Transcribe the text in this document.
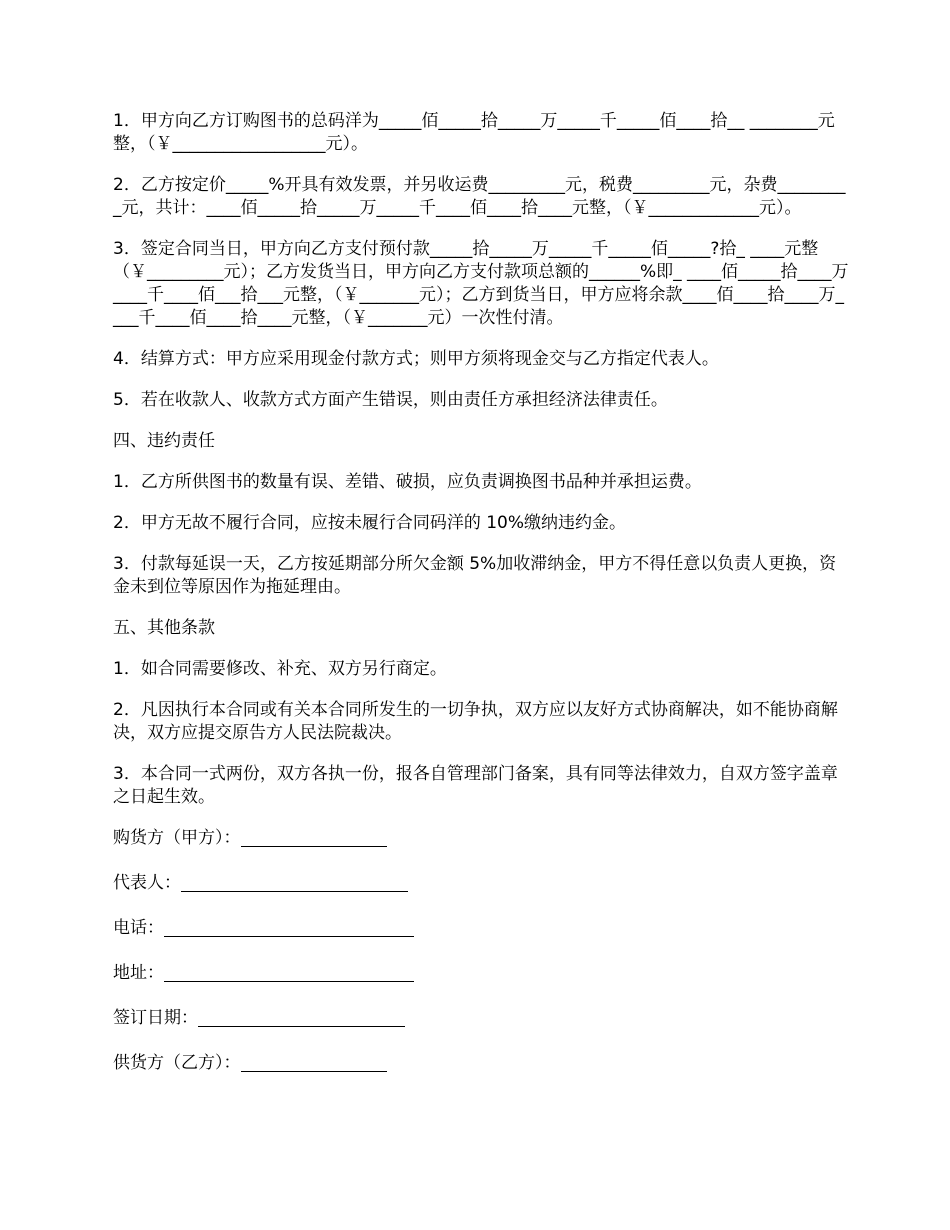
1．甲方向乙方订购图书的总码洋为_____佰_____拾_____万_____千_____佰____拾__ ________元整，（￥__________________元）。

2．乙方按定价_____%开具有效发票，并另收运费_________元，税费_________元，杂费_________元，共计：____佰_____拾_____万_____千____佰____拾____元整，（￥_____________元）。

3．签定合同当日，甲方向乙方支付预付款_____拾_____万_____千_____佰_____?拾_ ____元整（￥_________元）；乙方发货当日，甲方向乙方支付款项总额的______%即_ ____佰_____拾____万____千____佰___拾___元整，（￥_______元）；乙方到货当日，甲方应将余款____佰____拾____万____千____佰____拾____元整，（￥_______元）一次性付清。

4．结算方式：甲方应采用现金付款方式；则甲方须将现金交与乙方指定代表人。

5．若在收款人、收款方式方面产生错误，则由责任方承担经济法律责任。

四、违约责任

1．乙方所供图书的数量有误、差错、破损，应负责调换图书品种并承担运费。

2．甲方无故不履行合同，应按未履行合同码洋的 10%缴纳违约金。

3．付款每延误一天，乙方按延期部分所欠金额 5%加收滞纳金，甲方不得任意以负责人更换，资金未到位等原因作为拖延理由。

五、其他条款

1．如合同需要修改、补充、双方另行商定。

2．凡因执行本合同或有关本合同所发生的一切争执，双方应以友好方式协商解决，如不能协商解决，双方应提交原告方人民法院裁决。

3．本合同一式两份，双方各执一份，报各自管理部门备案，具有同等法律效力，自双方签字盖章之日起生效。

购货方（甲方）：
代表人：
电话：
地址：
签订日期：
供货方（乙方）：
